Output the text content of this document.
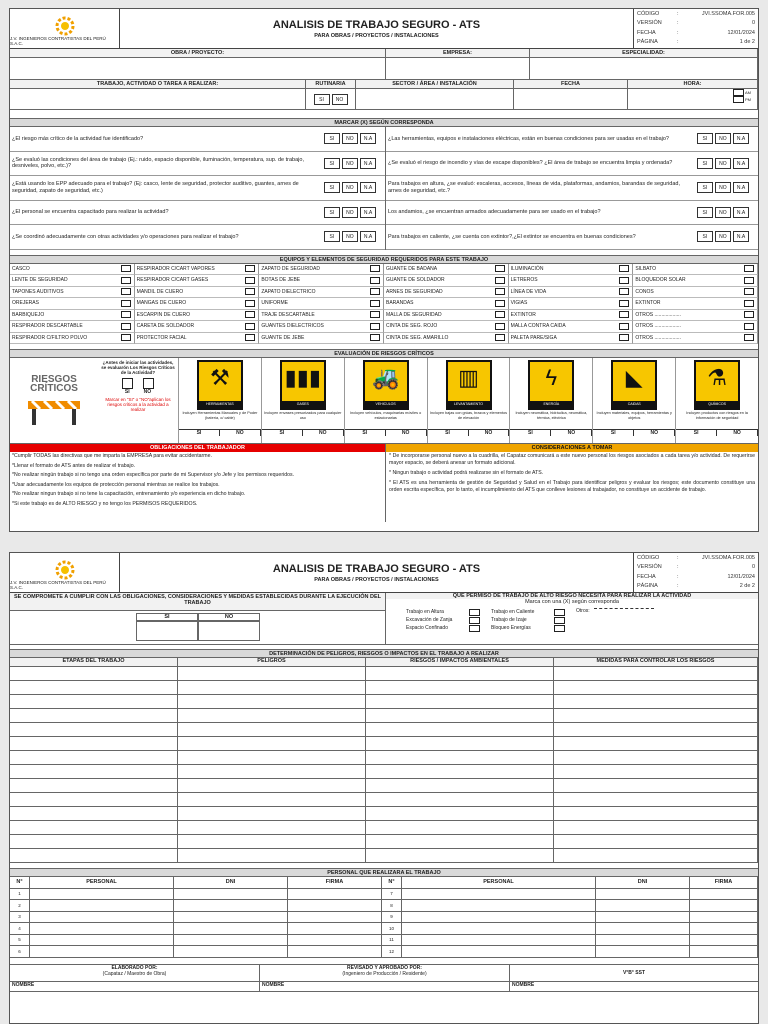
J.V. INGENIEROS CONTRATISTAS DEL PERÚ S.A.C.
ANALISIS DE TRABAJO SEGURO - ATS
PARA OBRAS / PROYECTOS / INSTALACIONES
CÓDIGO	:	JVI.SSOMA.FOR.005
VERSIÓN	:	0
FECHA	:	12/01/2024
PÁGINA	:	1 de 2
OBRA / PROYECTO:	EMPRESA:	ESPECIALIDAD:
TRABAJO, ACTIVIDAD O TAREA A REALIZAR:	RUTINARIA	SECTOR / ÁREA / INSTALACIÓN	FECHA	HORA:
SI	NO
AM
PM
MARCAR (X) SEGÚN CORRESPONDA
¿El riesgo más crítico de la actividad fue identificado?	SI	NO	N.A
¿Se evaluó las condiciones del área de trabajo (Ej.: ruido, espacio disponible, iluminación, temperatura, sup. de trabajo, desniveles, polvo, etc.)?	SI	NO	N.A
¿Está usando los EPP adecuado para el trabajo? (Ej: casco, lente de seguridad, protector auditivo, guantes, arnes de seguridad, zapato de seguridad, etc.)	SI	NO	N.A
¿El personal se encuentra capacitado para realizar la actividad?	SI	NO	N.A
¿Se coordinó adecuadamente con otras actividades y/o operaciones para realizar el trabajo?	SI	NO	N.A
¿Las herramientas, equipos e instalaciones eléctricas, están en buenas condiciones para ser usadas en el trabajo?	SI	NO	N.A
¿Se evaluó el riesgo de incendio y vías de escape disponibles? ¿El área de trabajo se encuentra limpia y ordenada?	SI	NO	N.A
Para trabajos en altura, ¿se evaluó: escaleras, accesos, líneas de vida, plataformas, andamios, barandas de seguridad, arnes de seguridad, etc.?	SI	NO	N.A
Los andamios, ¿se encuentran armados adecuadamente para ser usado en el trabajo?	SI	NO	N.A
Para trabajos en caliente, ¿se cuenta con extintor?,¿El extintor se encuentra en buenas condiciones?	SI	NO	N.A
EQUIPOS Y ELEMENTOS DE SEGURIDAD REQUERIDOS PARA ESTE TRABAJO
CASCO	RESPIRADOR C/CART VAPORES	ZAPATO DE SEGURIDAD	GUANTE DE BADANA	ILUMINACIÓN	SILBATO
LENTE DE SEGURIDAD	RESPIRADOR C/CART GASES	BOTAS DE JEBE	GUANTE DE SOLDADOR	LETREROS	BLOQUEDOR SOLAR
TAPONES AUDITIVOS	MANDIL DE CUERO	ZAPATO DIELECTRICO	ARNES DE SEGURIDAD	LÍNEA DE VIDA	CONOS
OREJERAS	MANGAS DE CUERO	UNIFORME	BARANDAS	VIGIAS	EXTINTOR
BARBIQUEJO	ESCARPIN DE CUERO	TRAJE DESCARTABLE	MALLA DE SEGURIDAD	EXTINTOR	OTROS ...................
RESPIRADOR DESCARTABLE	CARETA DE SOLDADOR	GUANTES DIELECTRICOS	CINTA DE SEG. ROJO	MALLA CONTRA CAIDA	OTROS ...................
RESPIRADOR C/FILTRO POLVO	PROTECTOR FACIAL	GUANTE DE JEBE	CINTA DE SEG. AMARILLO	PALETA PARE/SIGA	OTROS ...................
EVALUACIÓN DE RIESGOS CRÍTICOS
RIESGOS CRÍTICOS
¿Antes de iniciar las actividades, se evaluarón Los Riesgos Críticos de la Actividad?
SI	NO
Marcar en "SI" o "NO"aplican los riesgos críticos a la actividad a realizar
⚒
HERRAMIENTAS
Incluyen Herramientas Manuales y de Poder (batería, o/ cable)
SI	NO
▮▮▮
GASES
Incluyen envases presurizados para cualquier uso
SI	NO
🚜
VEHICULOS
Incluyen vehículos, maquinarias móviles o estacionarias
SI	NO
▥
LEVANTAMIENTO
Incluyen bajas con grúas, brazos y elementos de elevación
SI	NO
ϟ
ENERGÍA
Incluyen neumática, hidráulica, neumática, térmica, eléctrica
SI	NO
◣
CAIDAS
Incluyen materiales, equipos, herramientas y objetos
SI	NO
⚗
QUÍMICOS
Incluyen productos con riesgos en la información de seguridad
SI	NO
OBLIGACIONES DEL TRABAJADOR
*Cumplir TODAS las directivas que me imparta la EMPRESA para evitar accidentarme.
*Llenar el formato de ATS antes de realizar el trabajo.
*No realizar ningún trabajo si no tengo una orden específica por parte de mi Supervisor y/o Jefe y los permisos requeridos.
*Usar adecuadamente los equipos de protección personal mientras se realice los trabajos.
*No realizar ningun trabajo si no tene la capacitación, entrenamiento y/o experiencia en dicho trabajo.
*Si este trabajo es de ALTO RIESGO y no tengo los PERMISOS REQUERIDOS.
CONSIDERACIONES A TOMAR
* De incorporarse personal nuevo a la cuadrilla, el Capataz comunicará a este nuevo personal los riesgos asociados a cada tarea y/o actividad. De requerirse mayor espacio, se deberá anexar un formato adicional.
* Ningun trabajo o actividad podrá realizarse sin el formato de ATS.
* El ATS es una herramienta de gestión de Seguridad y Salud en el Trabajo para identificar peligros y evaluar los riesgos; este documento constituye una orden escrita específica, por lo tanto, el incumplimiento del ATS que conlleve lesiones al trabajador, no constituye un accidente de trabajo.
J.V. INGENIEROS CONTRATISTAS DEL PERÚ S.A.C.
ANALISIS DE TRABAJO SEGURO - ATS
PARA OBRAS / PROYECTOS / INSTALACIONES
CÓDIGO	:	JVI.SSOMA.FOR.005
VERSIÓN	:	0
FECHA	:	12/01/2024
PÁGINA	:	2 de 2
SE COMPROMETE A CUMPLIR CON LAS OBLIGACIONES, CONSIDERACIONES Y MEDIDAS ESTABLECIDAS DURANTE LA EJECUCIÓN DEL TRABAJO
SI	NO
QUE PERMISO DE TRABAJO DE ALTO RIESGO NECESITA PARA REALIZAR LA ACTIVIDAD
Marca con una (X) según corresponda
Trabajo en Altura
Excavación de Zanja
Espacio Confinado
Trabajo en Caliente
Trabajo de Izaje
Bloqueo Energías
Otros:
DETERMINACIÓN DE PELIGROS, RIESGOS O IMPACTOS EN EL TRABAJO A REALIZAR
ETAPAS DEL TRABAJO	PELIGROS	RIESGOS / IMPACTOS AMBIENTALES	MEDIDAS PARA CONTROLAR LOS RIESGOS
PERSONAL QUE REALIZARA EL TRABAJO
N°	PERSONAL	DNI	FIRMA	N°	PERSONAL	DNI	FIRMA
1	7
2	8
3	9
4	10
5	11
6	12
ELABORADO POR:
(Capataz / Maestro de Obra)
REVISADO Y APROBADO POR:
(Ingeniero de Producción / Residente)	V°B° SST
NOMBRE	NOMBRE	NOMBRE
